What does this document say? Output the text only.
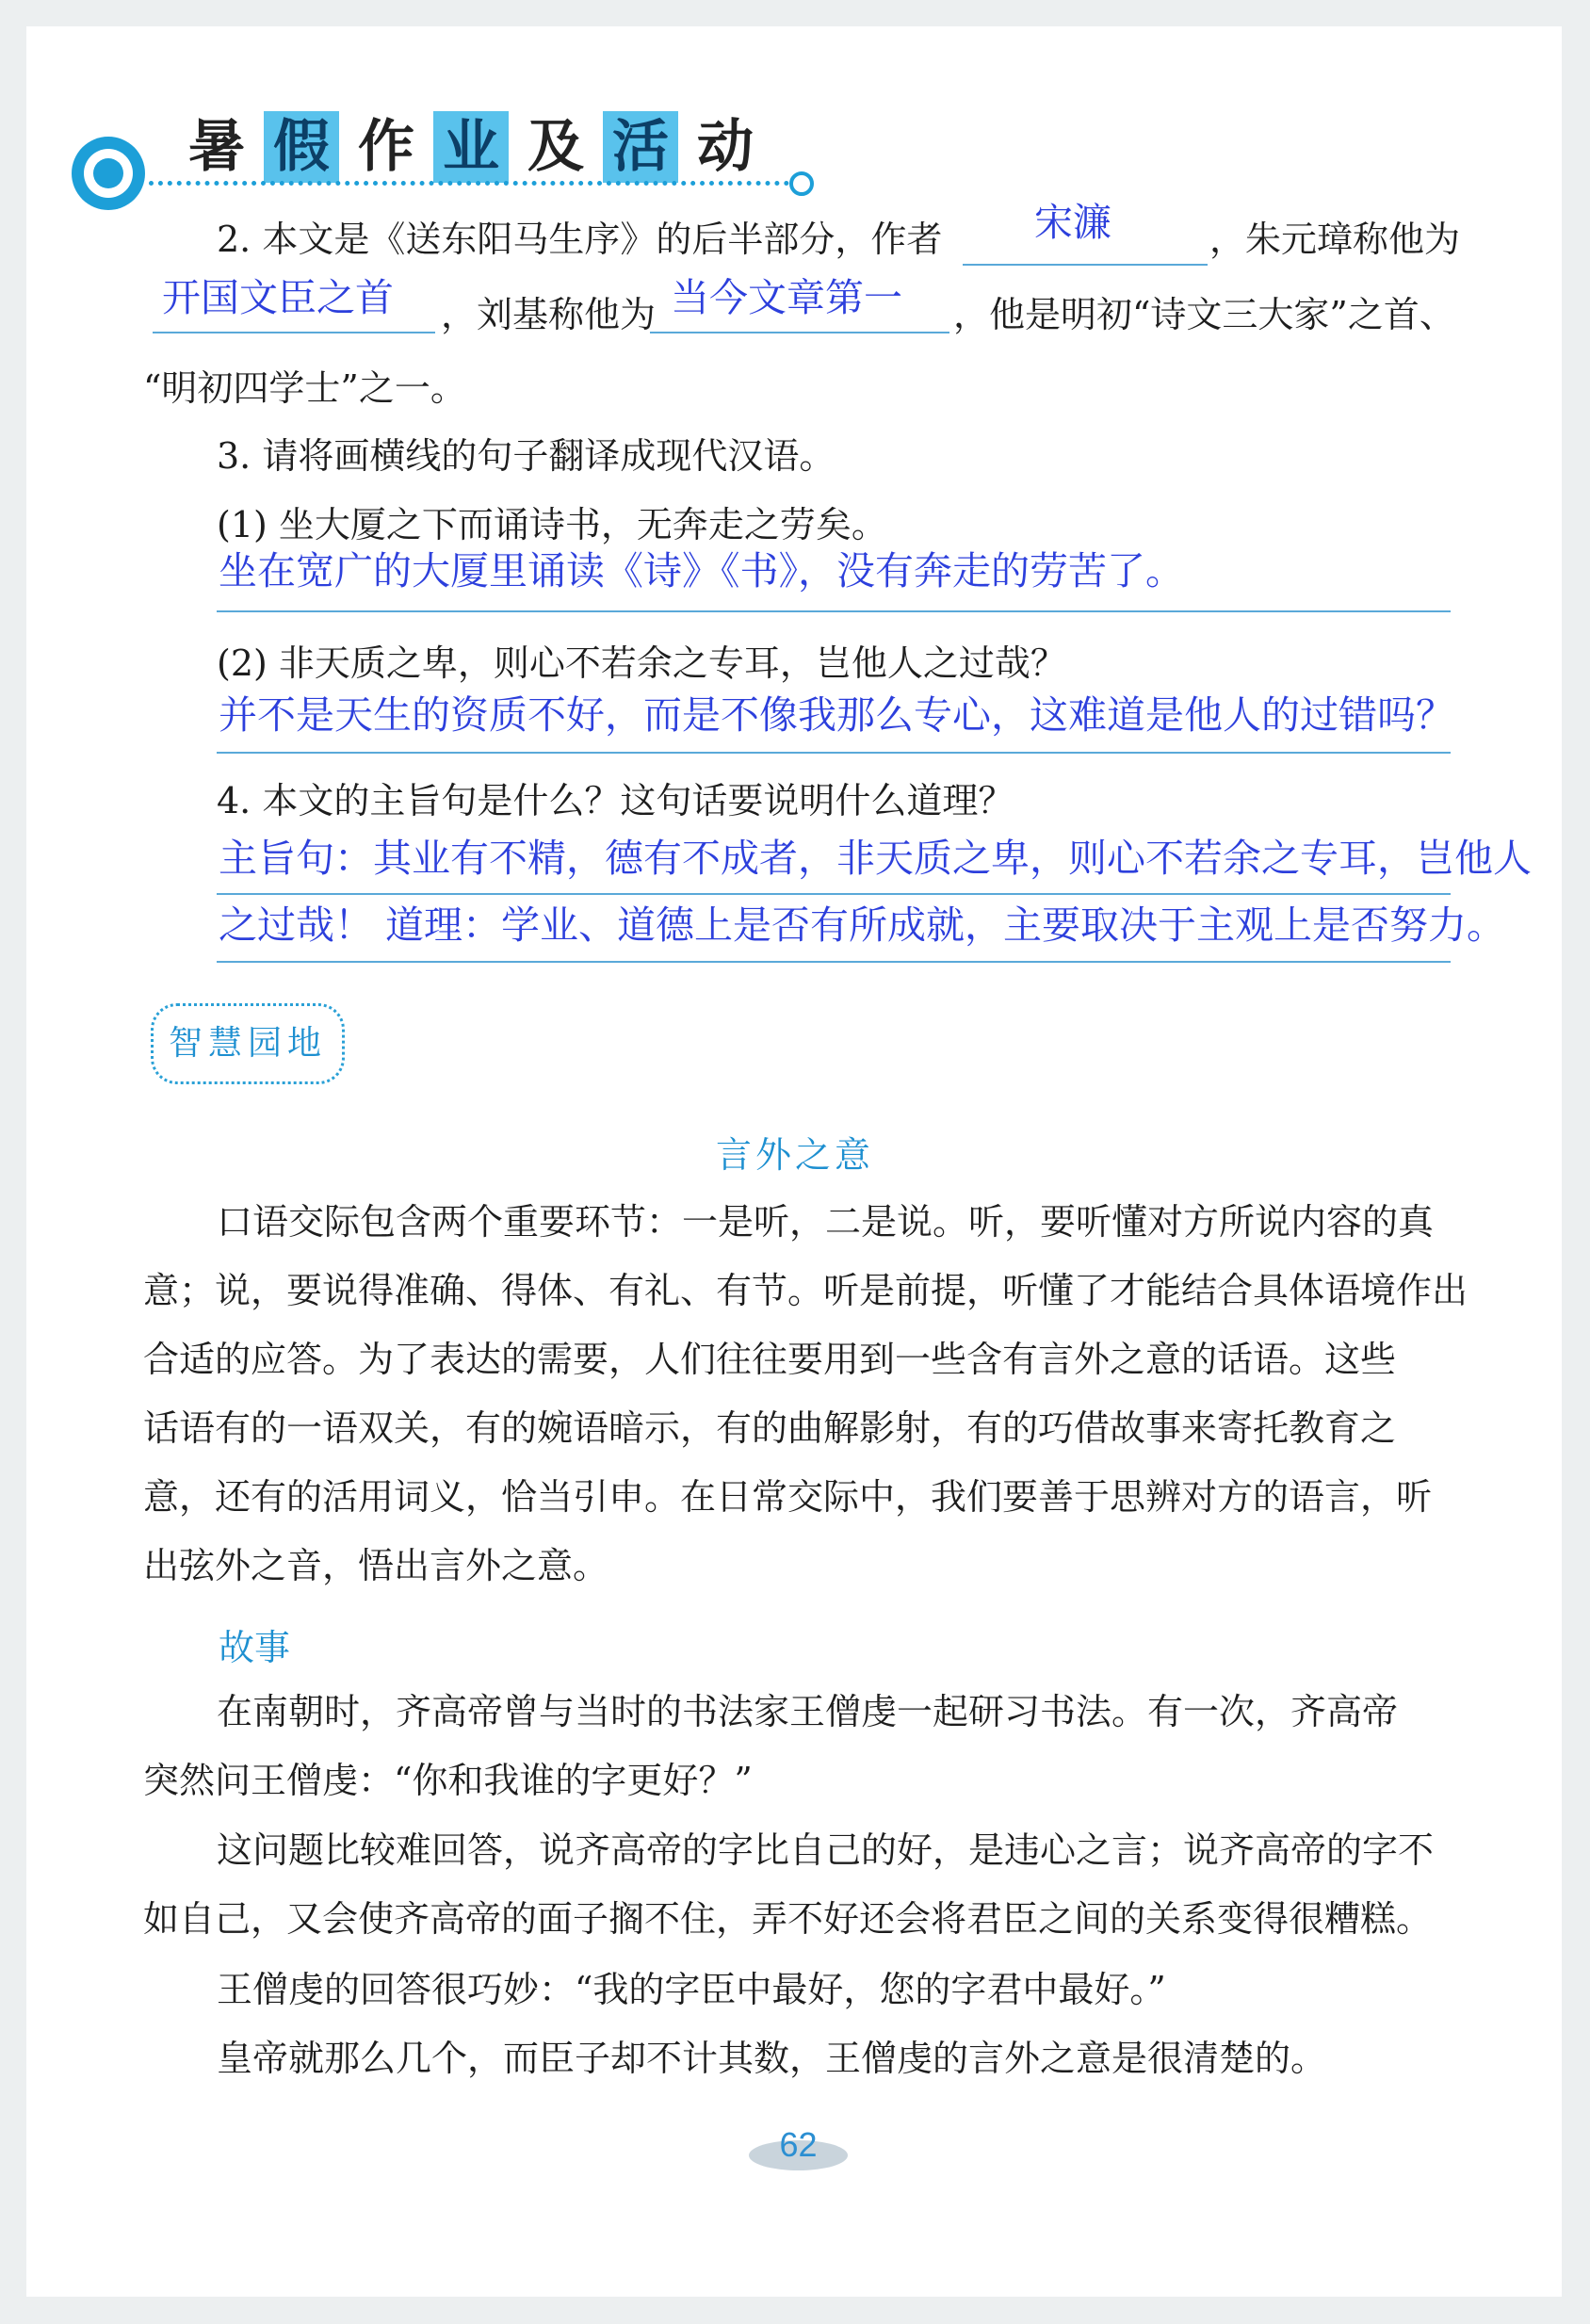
暑 假 作 业 及 活 动
2. 本文是《送东阳马生序》的后半部分，作者 宋濂	，朱元璋称他为
开国文臣之首 ，刘基称他为 当今文章第一 ，他是明初“诗文三大家”之首、
“明初四学士”之一。
3. 请将画横线的句子翻译成现代汉语。
(1) 坐大厦之下而诵诗书，无奔走之劳矣。
坐在宽广的大厦里诵读《诗》《书》，没有奔走的劳苦了。
(2) 非天质之卑，则心不若余之专耳，岂他人之过哉？
并不是天生的资质不好，而是不像我那么专心，这难道是他人的过错吗？
4. 本文的主旨句是什么？这句话要说明什么道理？
主旨句：其业有不精，德有不成者，非天质之卑，则心不若余之专耳，岂他人
之过哉！ 道理：学业、道德上是否有所成就，主要取决于主观上是否努力。
智慧园地
言外之意
口语交际包含两个重要环节：一是听，二是说。听，要听懂对方所说内容的真
意；说，要说得准确、得体、有礼、有节。听是前提，听懂了才能结合具体语境作出
合适的应答。为了表达的需要，人们往往要用到一些含有言外之意的话语。这些
话语有的一语双关，有的婉语暗示，有的曲解影射，有的巧借故事来寄托教育之
意，还有的活用词义，恰当引申。在日常交际中，我们要善于思辨对方的语言，听
出弦外之音，悟出言外之意。
故事
在南朝时，齐高帝曾与当时的书法家王僧虔一起研习书法。有一次，齐高帝
突然问王僧虔：“你和我谁的字更好？”
这问题比较难回答，说齐高帝的字比自己的好，是违心之言；说齐高帝的字不
如自己，又会使齐高帝的面子搁不住，弄不好还会将君臣之间的关系变得很糟糕。
王僧虔的回答很巧妙：“我的字臣中最好，您的字君中最好。”
皇帝就那么几个，而臣子却不计其数，王僧虔的言外之意是很清楚的。
62
